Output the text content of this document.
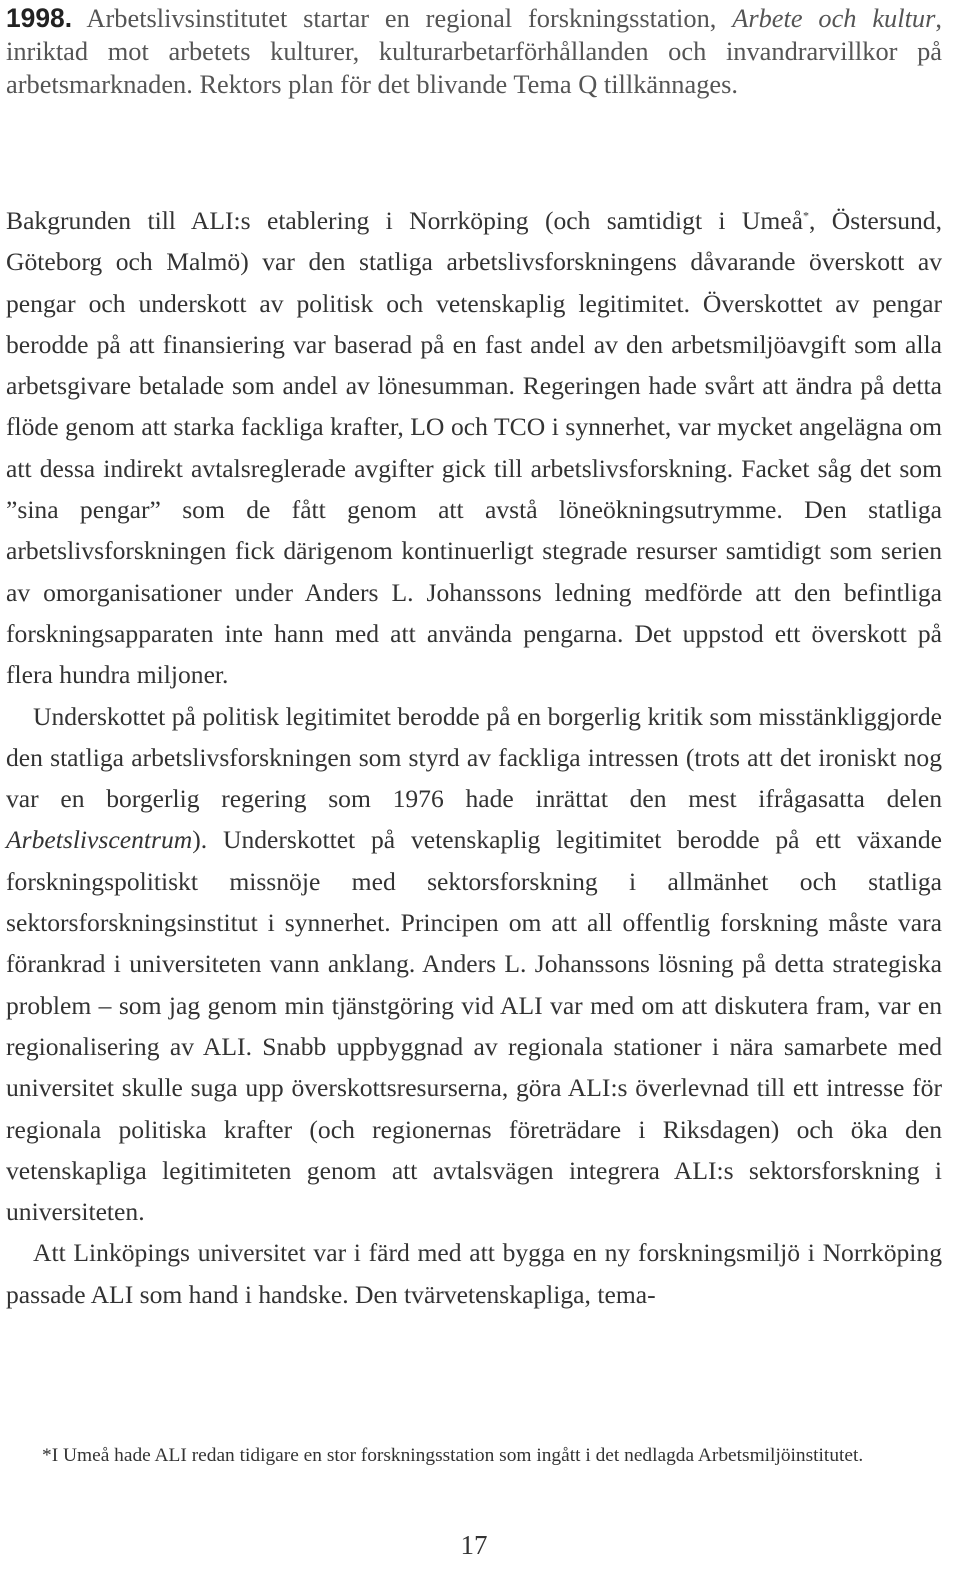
1998. Arbetslivsinstitutet startar en regional forskningsstation, Arbete och kultur, inriktad mot arbetets kulturer, kulturarbetarförhållanden och invandrarvillkor på arbetsmarknaden. Rektors plan för det blivande Tema Q tillkännages.

Bakgrunden till ALI:s etablering i Norrköping (och samtidigt i Umeå*, Östersund, Göteborg och Malmö) var den statliga arbetslivsforskningens dåvarande överskott av pengar och underskott av politisk och vetenskaplig legitimitet. Överskottet av pengar berodde på att finansiering var baserad på en fast andel av den arbetsmiljöavgift som alla arbetsgivare betalade som andel av lönesumman. Regeringen hade svårt att ändra på detta flöde genom att starka fackliga krafter, LO och TCO i synnerhet, var mycket angelägna om att dessa indirekt avtalsreglerade avgifter gick till arbetslivsforskning. Facket såg det som ”sina pengar” som de fått genom att avstå löneökningsutrymme. Den statliga arbetslivsforskningen fick därigenom kontinuerligt stegrade resurser samtidigt som serien av omorganisationer under Anders L. Johanssons ledning medförde att den befintliga forskningsapparaten inte hann med att använda pengarna. Det uppstod ett överskott på flera hundra miljoner.

Underskottet på politisk legitimitet berodde på en borgerlig kritik som misstänkliggjorde den statliga arbetslivsforskningen som styrd av fackliga intressen (trots att det ironiskt nog var en borgerlig regering som 1976 hade inrättat den mest ifrågasatta delen Arbetslivscentrum). Underskottet på vetenskaplig legitimitet berodde på ett växande forskningspolitiskt missnöje med sektorsforskning i allmänhet och statliga sektorsforskningsinstitut i synnerhet. Principen om att all offentlig forskning måste vara förankrad i universiteten vann anklang. Anders L. Johanssons lösning på detta strategiska problem – som jag genom min tjänstgöring vid ALI var med om att diskutera fram, var en regionalisering av ALI. Snabb uppbyggnad av regionala stationer i nära samarbete med universitet skulle suga upp överskottsresurserna, göra ALI:s överlevnad till ett intresse för regionala politiska krafter (och regionernas företrädare i Riksdagen) och öka den vetenskapliga legitimiteten genom att avtalsvägen integrera ALI:s sektorsforskning i universiteten.

Att Linköpings universitet var i färd med att bygga en ny forskningsmiljö i Norrköping passade ALI som hand i handske. Den tvärvetenskapliga, tema-

*I Umeå hade ALI redan tidigare en stor forskningsstation som ingått i det nedlagda Arbetsmiljöinstitutet.

17
